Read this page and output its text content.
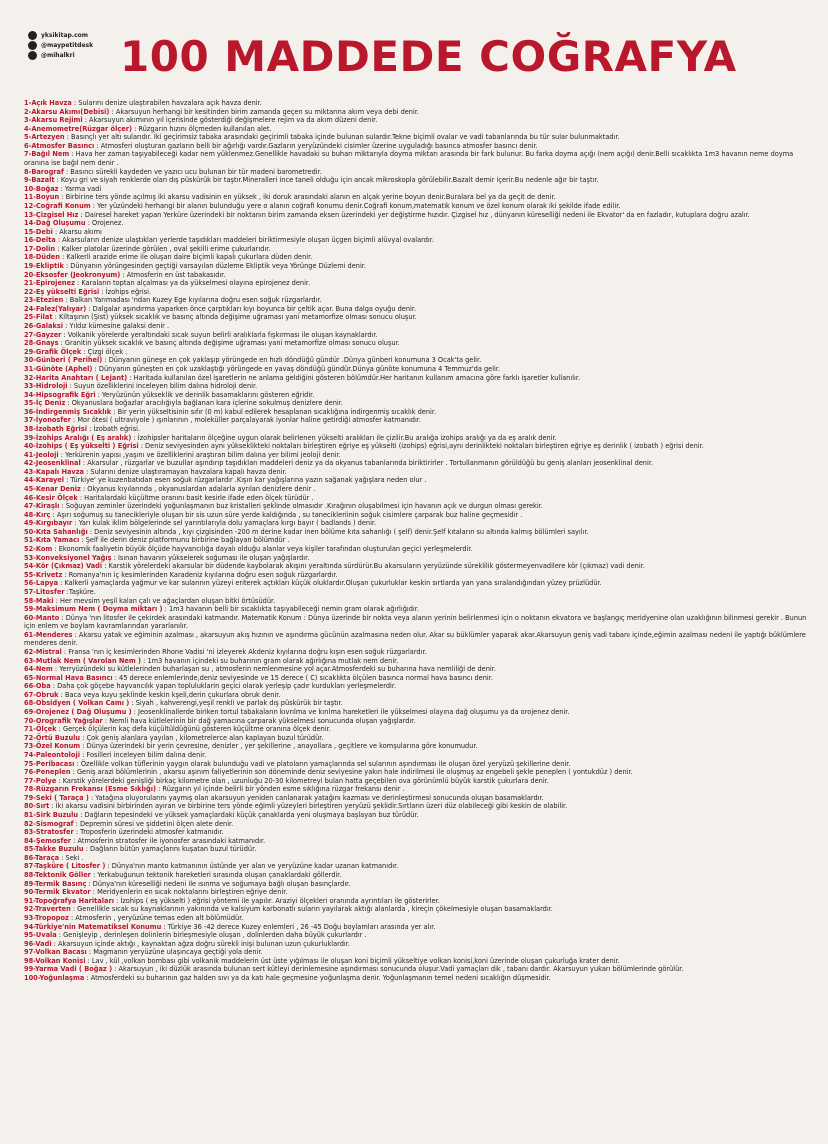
yksikitap.com
@maypetitdesk
@mihalkri 100 MADDEDE COĞRAFYA

1-Açık Havza : Sularını denize ulaştırabilen havzalara açık havza denir.

2-Akarsu Akımı(Debisi) : Akarsuyun herhangi bir kesitinden birim zamanda geçen su miktarına akım veya debi denir.

3-Akarsu Rejimi : Akarsuyun akımının yıl içerisinde gösterdiği değişmelere rejim va da akım düzeni denir.

4-Anemometre(Rüzgar ölçer) : Rüzgarın hızını ölçmeden kullanılan alet.

5-Artezyen : Basınçlı yer altı sularıdır. İki geçirimsiz tabaka arasındaki geçirimli tabaka içinde bulunan sulardır.Tekne biçimli ovalar ve vadi tabanlarında bu tür sular bulunmaktadır.

6-Atmosfer Basıncı : Atmosferi oluşturan gazların belli bir ağırlığı vardır.Gazların yeryüzündeki cisimler üzerine uyguladığı basınca atmosfer basıncı denir.

7-Bağıl Nem : Hava her zaman taşıyabileceği kadar nem yüklenmez.Genellikle havadaki su buharı miktarıyla doyma miktarı arasında bir fark bulunur. Bu farka doyma açığı (nem açığı) denir.Belli sıcaklıkta 1m3 havanın neme doyma oranına ise bağıl nem denir .

8-Barograf : Basıncı sürekli kaydeden ve yazıcı ucu bulunan bir tür madeni barometredir.

9-Bazalt : Koyu gri ve siyah renklerde olan dış püskürük bir taştır.Mineralleri ince taneli olduğu için ancak mikroskopla görülebilir.Bazalt demir içerir.Bu nedenle ağır bir taştır.

10-Boğaz : Yarma vadi

11-Boyun : Birbirine ters yönde açılmış iki akarsu vadisinin en yüksek , iki doruk arasındaki alanın en alçak yerine boyun denir.Buralara bel ya da geçit de denir.

12-Coğrafi Konum : Yer yüzündeki herhangi bir alanın bulunduğu yere o alanın coğrafi konumu denir.Coğrafi konum,matematik konum ve özel konum olarak iki şekilde ifade edilir.

13-Çizgisel Hız : Dairesel hareket yapan Yerküre üzerindeki bir noktanın birim zamanda eksen üzerindeki yer değiştirme hızıdır. Çizgisel hız , dünyanın küreselliği nedeni ile Ekvator' da en fazladır, kutuplara doğru azalır.

14-Dağ Oluşumu : Orojenez.

15-Debi : Akarsu akımı

16-Delta : Akarsuların denize ulaştıkları yerlerde taşıdıkları maddeleri biriktirmesiyle oluşan üçgen biçimli alüvyal ovalardır.

17-Dolin : Kalker platolar üzerinde görülen , oval şekilli erime çukurlarıdır.

18-Düden : Kalkerli arazide erime ile oluşan daire biçimli kapalı çukurlara düden denir.

19-Ekliptik : Dünyanın yörüngesinden geçtiği varsayılan düzleme Ekliptik veya Yörünge Düzlemi denir.

20-Eksosfer (Jeokronyum) : Atmosferin en üst tabakasıdır.

21-Epirojenez : Karaların toptan alçalması ya da yükselmesi olayına epirojenez denir.

22-Eş yükselti Eğrisi : İzohips eğrisi.

23-Etezien : Balkan Yarımadası 'ndan Kuzey Ege kıyılarına doğru esen soğuk rüzgarlardır.

24-Falez(Yalıyar) : Dalgalar aşındırma yaparken önce çarptıkları kıyı boyunca bir çeltik açar. Buna dalga oyuğu denir.

25-Filat : Kiltaşının (Şist) yüksek sıcaklık ve basınç altında değişime uğraması yani metamorfize olması sonucu oluşur.

26-Galaksi : Yıldız kümesine galaksi denir .

27-Gayzer : Volkanik yörelerde yeraltındaki sıcak suyun belirli aralıklarla fışkırması ile oluşan kaynaklardır.

28-Gnays : Granitin yüksek sıcaklık ve basınç altında değişime uğraması yani metamorfize olması sonucu oluşur.

29-Grafik Ölçek : Çizgi ölçek .

30-Günberi ( Perihel) : Dünyanın güneşe en çok yaklaşıp yörüngede en hızlı döndüğü gündür .Dünya günberi konumuna 3 Ocak'ta gelir.

31-Günöte (Aphel) : Dünyanın güneşten en çok uzaklaştığı yörüngede en yavaş döndüğü gündür.Dünya günöte konumuna 4 Temmuz'da gelir.

32-Harita Anahtarı ( Lejant) : Haritada kullanılan özel işaretlerin ne anlama geldiğini gösteren bölümdür.Her haritanın kullanım amacına göre farklı işaretler kullanılır.

33-Hidroloji : Suyun özelliklerini inceleyen bilim dalına hidroloji denir.

34-Hipsografik Eğri : Yeryüzünün yükseklik ve derinlik basamaklarını gösteren eğridir.

35-İç Deniz : Okyanuslara boğazlar aracılığıyla bağlanan kara içlerine sokulmuş denizlere denir.

36-İndirgenmiş Sıcaklık : Bir yerin yükseltisinin sıfır (0 m) kabul edilerek hesaplanan sıcaklığına indirgenmiş sıcaklık denir.

37-İyonosfer : Mor ötesi ( ultraviyole ) ışınlarının , moleküller parçalayarak iyonlar haline getirdiği atmosfer katmanıdır.

38-İzobath Eğrisi : İzobath eğrisi.

39-İzohips Aralığı ( Eş aralık) : İzohipsler haritaların ölçeğine uygun olarak belirlenen yükselti aralıkları ile çizilir.Bu aralığa izohips aralığı ya da eş aralık denir.

40-İzohips ( Eş yükselti ) Eğrisi : Deniz seviyesinden aynı yükseklikteki noktaları birleştiren eğriye eş yükselti (izohips) eğrisi,aynı derinlikteki noktaları birleştiren eğriye eş derinlik ( izobath ) eğrisi denir.

41-Jeoloji : Yerkürenin yapısı ,yaşını ve özelliklerini araştıran bilim dalına yer bilimi jeoloji denir.

42-Jeosenklinal : Akarsular , rüzgarlar ve buzullar aşındırıp taşıdıkları maddeleri deniz ya da okyanus tabanlarında biriktirirler . Tortullanmanın görüldüğü bu geniş alanları jeosenklinal denir.

43-Kapalı Havza : Sularını denize ulaştıramayan havzalara kapalı havza denir.

44-Karayel : Türkiye' ye kuzenbatıdan esen soğuk rüzgarlardır .Kışın kar yağışlarına yazın sağanak yağışlara neden olur .

45-Kenar Deniz : Okyanus kıyılarında , okyanuslardan adalarla ayrılan denizlere denir .

46-Kesir Ölçek : Haritalardaki küçültme oranını basit kesirle ifade eden ölçek türüdür .

47-Kiraşlı : Soğuyan zeminler üzerindeki yoğunlaşmanın buz kristalleri şeklinde olmasıdır .Kırağının oluşabilmesi için havanın açık ve durgun olması gerekir.

48-Kırç : Aşırı soğumuş su tanecikleriyle oluşan bir sis uzun süre yerde kaldığında , su tanecikleriinin soğuk cisimlere çarparak buz haline geçmesidir .

49-Kırgıbayır : Yarı kulak iklim bölgelerinde sel yarıntılarıyla dolu yamaçlara kırgı bayır ( badlands ) denir.

50-Kıta Sahanlığı : Deniz seviyesinin altında , kıyı çizgisinden -200 m derine kadar inen bölüme kıta sahanlığı ( şelf) denir.Şelf kıtaların su altında kalmış bölümleri sayılır.

51-Kıta Yamacı : Şelf ile derin deniz platformunu birbirine bağlayan bölümdür .

52-Kom : Ekonomik faaliyetin büyük ölçüde hayvancılığa dayalı olduğu alanlar veya kişiler tarafından oluşturulan geçici yerleşmelerdir.

53-Konveksiyonel Yağış : Isınan havanın yükselerek soğuması ile oluşan yağışlardır.

54-Kör (Çıkmaz) Vadi : Karstik yörelerdeki akarsular bir düdende kaybolarak akışını yeraltında sürdürür.Bu akarsuların yeryüzünde süreklilik göstermeyenvadilere kör (çıkmaz) vadi denir.

55-Krivetz : Romanya'nın iç kesimlerinden Karadeniz kıyılarına doğru esen soğuk rüzgarlardır.

56-Lapya : Kalkerli yamaçlarda yağmur ve kar sularının yüzeyi eriterek açtıkları küçük oluklardır.Oluşan çukurluklar keskin sırtlarda yan yana sıralandığından yüzey prüzlüdür.

57-Litosfer :Taşküre.

58-Maki : Her mevsim yeşil kalan çalı ve ağaçlardan oluşan bitki örtüsüdür.

59-Maksimum Nem ( Doyma miktarı ) : 1m3 havanın belli bir sıcaklıkta taşıyabileceği nemin gram olarak ağırlığıdır.

60-Manto : Dünya 'nın litosfer ile çekirdek arasındaki katmandır. Matematik Konum : Dünya üzerinde bir nokta veya alanın yerinin belirlenmesi için o noktanın ekvatora ve başlangıç meridyenine olan uzaklığının bilinmesi gerekir . Bunun için enlem ve boylam kavramlarından yararlanılır.

61-Menderes : Akarsu yatak ve eğiminin azalması , akarsuyun akış hızının ve aşındırma gücünün azalmasına neden olur. Akar su büklümler yaparak akar.Akarsuyun geniş vadi tabanı içinde,eğimin azalması nedeni ile yaptığı büklümlere menderes denir.

62-Mistral : Fransa 'nın iç kesimlerinden Rhone Vadisi 'ni izleyerek Akdeniz kıyılarına doğru kışın esen soğuk rüzgarlardır.

63-Mutlak Nem ( Varolan Nem ) : 1m3 havanın içindeki su buharının gram olarak ağırlığına mutlak nem denir.

64-Nem : Yerryüzündeki su kütlelerinden buharlaşan su , atmosferin nemlenmesine yol açar.Atmosferdeki su buharına hava nemliliği de denir.

65-Normal Hava Basıncı : 45 derece enlemlerinde,deniz seviyesinde ve 15 derece ( C) sıcaklıkta ölçülen basınca normal hava basıncı denir.

66-Oba : Daha çok göçebe hayvancılık yapan topluluklarin geçici olarak yerleşip çadır kurdukları yerleşmelerdir.

67-Obruk : Baca veya kuyu şeklinde keskin kşeli,derin çukurlara obruk denir.

68-Obsidyen ( Volkan Camı ) : Siyah , kahverengi,yeşil renkli ve parlak dış püskürük bir taştır.

69-Orojenez ( Dağ Oluşumu ) : Jeosenklinallerde biriken tortul tabakaların kıvrılma ve kırılma hareketleri ile yükselmesi olayına dağ oluşumu ya da orojenez denir.

70-Orografik Yağışlar : Nemli hava kütlelerinin bir dağ yamacına çarparak yükselmesi sonucunda oluşan yağışlardır.

71-Ölçek : Gerçek ölçülerin kaç defa küçültüldüğünü gösteren küçültme oranına ölçek denir.

72-Örtü Buzulu : Çok geniş alanlara yayılan , kilometrelerce alan kaplayan buzul türüdür.

73-Özel Konum : Dünya üzerindeki bir yerin çevresine, denizler , yer şekillerine , anayollara , geçitlere ve komşularına göre konumudur.

74-Paleontoloji : Fosilleri inceleyen bilim dalına denir.

75-Peribacası : Özellikle volkan tüflerinin yaygın olarak bulunduğu vadi ve platoların yamaçlarında sel sularının aşındırması ile oluşan özel yeryüzü şekillerine denir.

76-Peneplen : Geniş arazi bölümlerinin , akarsu aşınım faliyetlerinin son döneminde deniz seviyesine yakın hale indirilmesi ile oluşmuş az engebeli şekle peneplen ( yontukdüz ) denir.

77-Polye : Karstik yörelerdeki genişliği birkaç kilometre olan , uzunluğu 20-30 kilometreyi bulan hatta geçebilen ova görünümlü büyük karstik çukurlara denir.

78-Rüzgarın Frekansı (Esme Sıklığı) : Rüzgarın yıl içinde belirli bir yönden esme sıklığına rüzgar frekansı denir .

79-Seki ( Taraça ) : Yatağına oluyorularını yaymış olan akarsuyun yeniden canlanarak yatağını kazması ve derinleştirmesi sonucunda oluşan basamaklardır.

80-Sırt : İki akarsu vadisini birbirinden ayıran ve birbirine ters yönde eğimli yüzeyleri birleştiren yeryüzü şeklidir.Sırtların üzeri düz olabileceği gibi keskin de olabilir.

81-Sirk Buzulu : Dağların tepesindeki ve yüksek yamaçlardaki küçük çanaklarda yeni oluşmaya başlayan buz türüdür.

82-Sismograf : Depremin süresi ve şiddetini ölçen alete denir.

83-Stratosfer : Troposferin üzerindeki atmosfer katmanıdır.

84-Şemosfer : Atmosferin stratosfer ile iyonosfer arasındaki katmanıdır.

85-Takke Buzulu : Dağların bütün yamaçlarını kuşatan buzul türüdür.

86-Taraça : Seki .

87-Taşküre ( Litosfer ) : Dünya'nın manto katmanının üstünde yer alan ve yeryüzüne kadar uzanan katmanıdır.

88-Tektonik Göller : Yerkabuğunun tektonik hareketleri sırasında oluşan çanaklardaki göllerdir.

89-Termik Basınç : Dünya'nın küreselliği nedeni ile ısınma ve soğumaya bağlı oluşan basınçlardır.

90-Termik Ekvator : Meridyenlerin en sıcak noktalarını birleştiren eğriye denir.

91-Topoğrafya Haritaları : İzohips ( eş yükselti ) eğrisi yöntemi ile yapılır. Araziyi ölçekleri oranında ayrıntıları ile gösterirler.

92-Traverten : Genellikle sıcak su kaynaklarının yakınında ve kalsiyum karbonatlı suların yayılarak aktığı alanlarda , kireçin çökelmesiyle oluşan basamaklardır.

93-Tropopoz : Atmosferin , yeryüzüne temas eden alt bölümüdür.

94-Türkiye'nin Matematiksel Konumu : Türkiye 36 -42 derece Kuzey enlemleri , 26 -45 Doğu boylamları arasında yer alır.

95-Uvala : Genişleyip , derinleşen dolinlerin birleşmesiyle oluşan , dolinlerden daha büyük çukurlardır .

96-Vadi : Akarsuyun içinde aktığı , kaynaktan ağza doğru sürekli inişi bulunan uzun çukurluklardır.

97-Volkan Bacası : Magmanın yeryüzüne ulaşıncaya geçtiği yola denir.

98-Volkan Konisi : Lav , kül ,volkan bombası gibi volkanik maddelerin üst üste yığılması ile oluşan koni biçimli yükseltiye volkan konisi,koni üzerinde oluşan çukurluğa krater denir.

99-Yarma Vadi ( Boğaz ) : Akarsuyun , iki düzlük arasında bulunan sert kütleyi derinlemesine aşındırması sonucunda oluşur.Vadi yamaçları dik , tabanı dardır. Akarsuyun yukarı bölümlerinde görülür.

100-Yoğunlaşma : Atmosferdeki su buharının gaz halden sıvı ya da katı hale geçmesine yoğunlaşma denir. Yoğunlaşmanın temel nedeni sıcaklığın düşmesidir.
